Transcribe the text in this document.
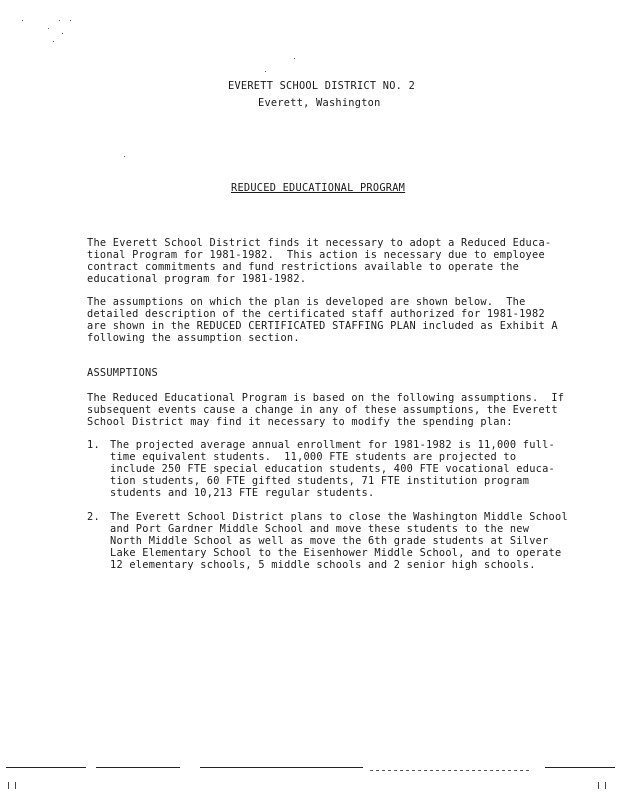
EVERETT SCHOOL DISTRICT NO. 2
Everett, Washington
REDUCED EDUCATIONAL PROGRAM
The Everett School District finds it necessary to adopt a Reduced Educa-
tional Program for 1981-1982.  This action is necessary due to employee
contract commitments and fund restrictions available to operate the
educational program for 1981-1982.
The assumptions on which the plan is developed are shown below.  The
detailed description of the certificated staff authorized for 1981-1982
are shown in the REDUCED CERTIFICATED STAFFING PLAN included as Exhibit A
following the assumption section.
ASSUMPTIONS
The Reduced Educational Program is based on the following assumptions.  If
subsequent events cause a change in any of these assumptions, the Everett
School District may find it necessary to modify the spending plan:
1. The projected average annual enrollment for 1981-1982 is 11,000 full-
time equivalent students.  11,000 FTE students are projected to
include 250 FTE special education students, 400 FTE vocational educa-
tion students, 60 FTE gifted students, 71 FTE institution program
students and 10,213 FTE regular students.
2. The Everett School District plans to close the Washington Middle School
and Port Gardner Middle School and move these students to the new
North Middle School as well as move the 6th grade students at Silver
Lake Elementary School to the Eisenhower Middle School, and to operate
12 elementary schools, 5 middle schools and 2 senior high schools.
